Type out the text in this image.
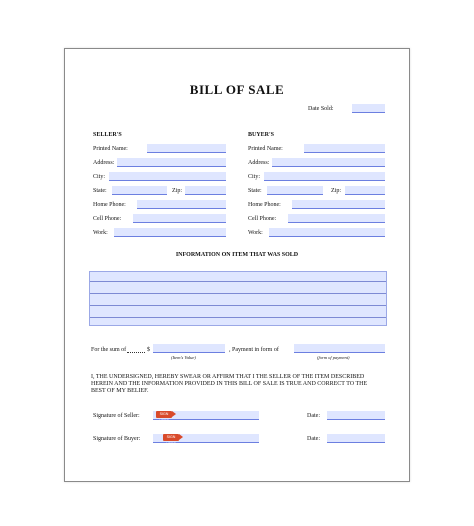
BILL OF SALE
Date Sold:
SELLER'S
Printed Name:
Address:
City:
State:	Zip:
Home Phone:
Cell Phone:
Work:
BUYER'S
Printed Name:
Address:
City:
State:	Zip:
Home Phone:
Cell Phone:
Work:
INFORMATION ON ITEM THAT WAS SOLD
For the sum of	$
(Item's Value)
, Payment in form of
(form of payment)
I, THE UNDERSIGNED, HEREBY SWEAR OR AFFIRM THAT I THE SELLER OF THE ITEM DESCRIBED HEREIN AND THE INFORMATION PROVIDED IN THIS BILL OF SALE IS TRUE AND CORRECT TO THE BEST OF MY BELIEF.
Signature of Seller:	SIGN HERE
Date:
Signature of Buyer:	SIGN HERE
Date:
